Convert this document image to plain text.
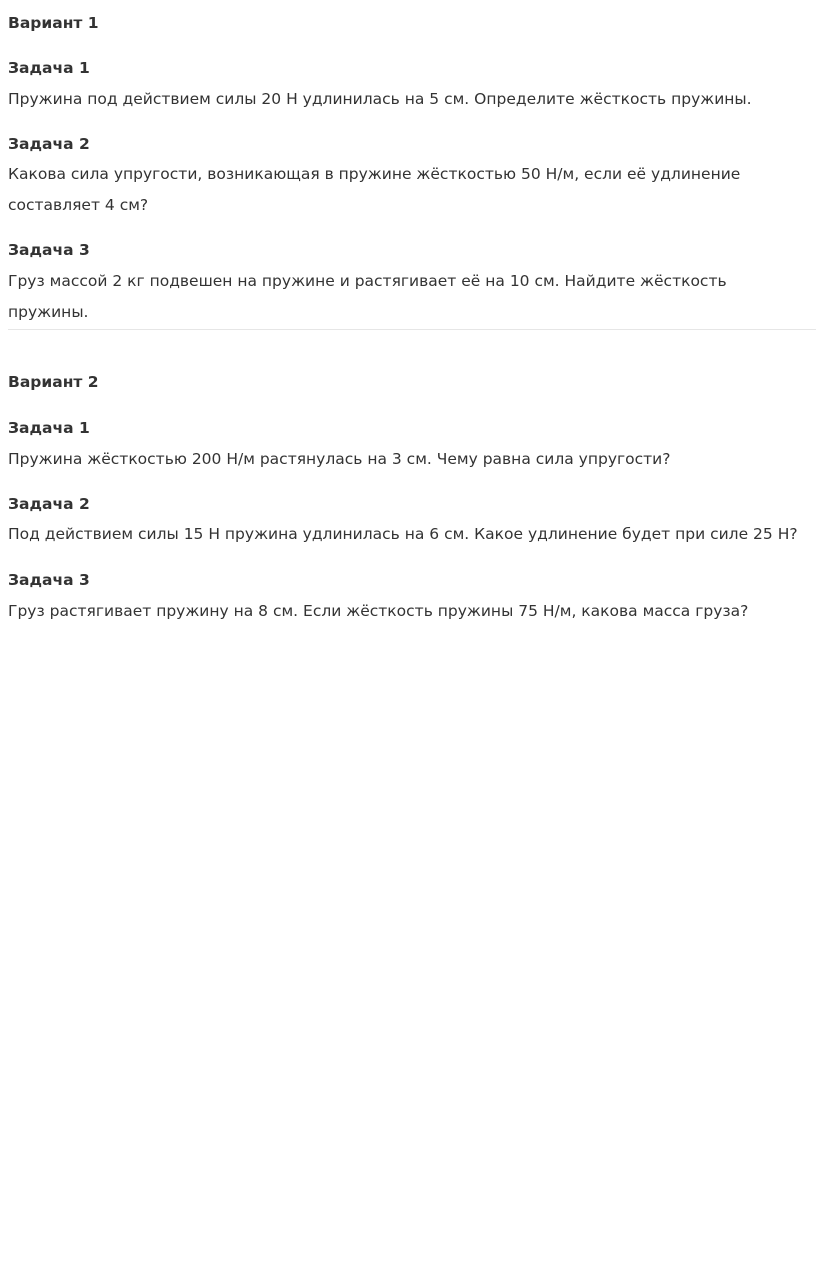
Вариант 1
Задача 1
Пружина под действием силы 20 Н удлинилась на 5 см. Определите жёсткость пружины.
Задача 2
Какова сила упругости, возникающая в пружине жёсткостью 50 Н/м, если её удлинение составляет 4 см?
Задача 3
Груз массой 2 кг подвешен на пружине и растягивает её на 10 см. Найдите жёсткость пружины.
Вариант 2
Задача 1
Пружина жёсткостью 200 Н/м растянулась на 3 см. Чему равна сила упругости?
Задача 2
Под действием силы 15 Н пружина удлинилась на 6 см. Какое удлинение будет при силе 25 Н?
Задача 3
Груз растягивает пружину на 8 см. Если жёсткость пружины 75 Н/м, какова масса груза?
